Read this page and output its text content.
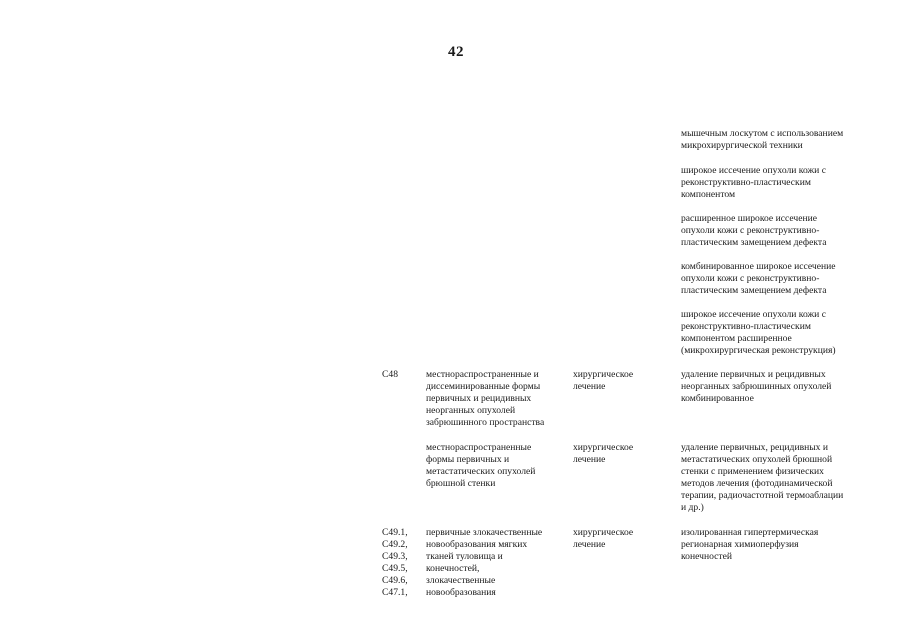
42
мышечным лоскутом с использованием
микрохирургической техники
широкое иссечение опухоли кожи с
реконструктивно-пластическим
компонентом
расширенное широкое иссечение
опухоли кожи с реконструктивно-
пластическим замещением дефекта
комбинированное широкое иссечение
опухоли кожи с реконструктивно-
пластическим замещением дефекта
широкое иссечение опухоли кожи с
реконструктивно-пластическим
компонентом расширенное
(микрохирургическая реконструкция)
C48	местнораспространенные и
диссеминированные формы
первичных и рецидивных
неорганных опухолей
забрюшинного пространства
хирургическое
лечение
удаление первичных и рецидивных
неорганных забрюшинных опухолей
комбинированное
местнораспространенные
формы первичных и
метастатических опухолей
брюшной стенки
хирургическое
лечение
удаление первичных, рецидивных и
метастатических опухолей брюшной
стенки с применением физических
методов лечения (фотодинамической
терапии, радиочастотной термоаблации
и др.)
C49.1,
C49.2,
C49.3,
C49.5,
C49.6,
C47.1,
первичные злокачественные
новообразования мягких
тканей туловища и
конечностей,
злокачественные
новообразования
хирургическое
лечение
изолированная гипертермическая
регионарная химиоперфузия
конечностей
